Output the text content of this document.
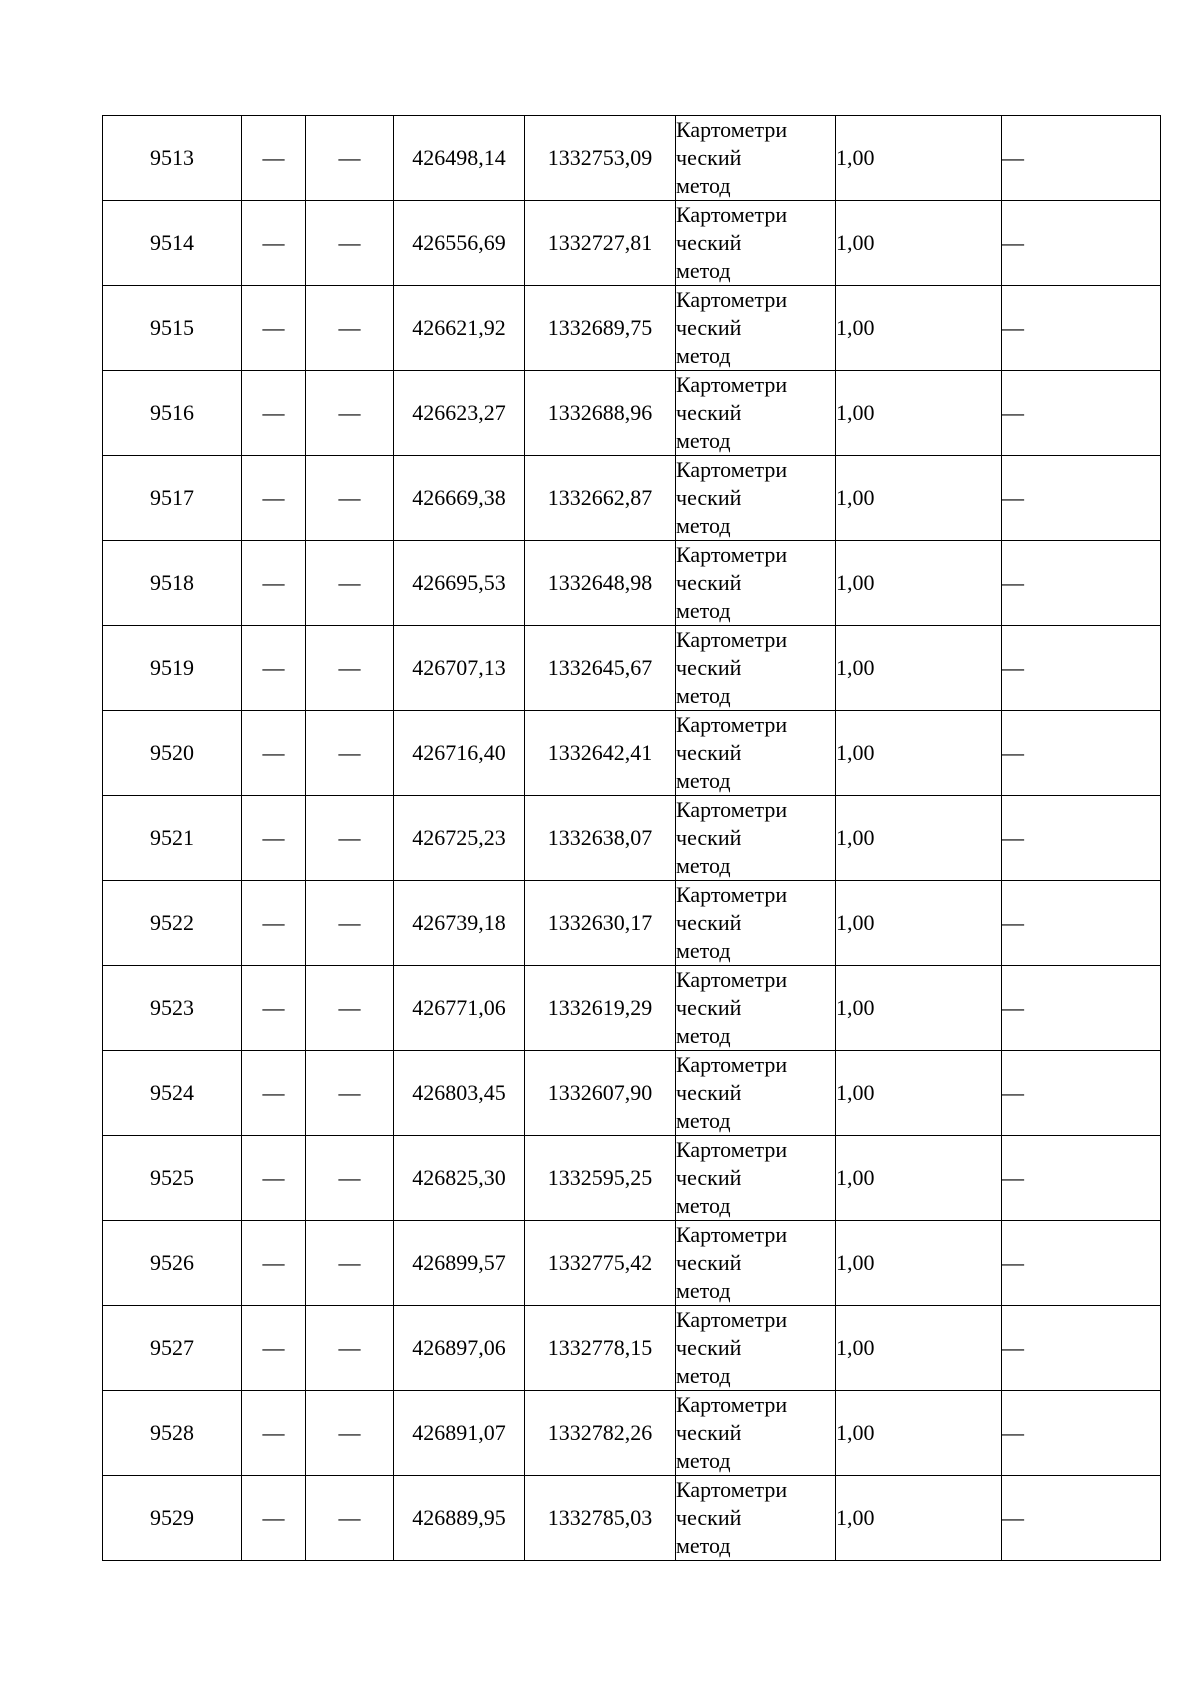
9513	—	—	426498,14	1332753,09	Картометри
ческий
метод	1,00	—
9514	—	—	426556,69	1332727,81	Картометри
ческий
метод	1,00	—
9515	—	—	426621,92	1332689,75	Картометри
ческий
метод	1,00	—
9516	—	—	426623,27	1332688,96	Картометри
ческий
метод	1,00	—
9517	—	—	426669,38	1332662,87	Картометри
ческий
метод	1,00	—
9518	—	—	426695,53	1332648,98	Картометри
ческий
метод	1,00	—
9519	—	—	426707,13	1332645,67	Картометри
ческий
метод	1,00	—
9520	—	—	426716,40	1332642,41	Картометри
ческий
метод	1,00	—
9521	—	—	426725,23	1332638,07	Картометри
ческий
метод	1,00	—
9522	—	—	426739,18	1332630,17	Картометри
ческий
метод	1,00	—
9523	—	—	426771,06	1332619,29	Картометри
ческий
метод	1,00	—
9524	—	—	426803,45	1332607,90	Картометри
ческий
метод	1,00	—
9525	—	—	426825,30	1332595,25	Картометри
ческий
метод	1,00	—
9526	—	—	426899,57	1332775,42	Картометри
ческий
метод	1,00	—
9527	—	—	426897,06	1332778,15	Картометри
ческий
метод	1,00	—
9528	—	—	426891,07	1332782,26	Картометри
ческий
метод	1,00	—
9529	—	—	426889,95	1332785,03	Картометри
ческий
метод	1,00	—
